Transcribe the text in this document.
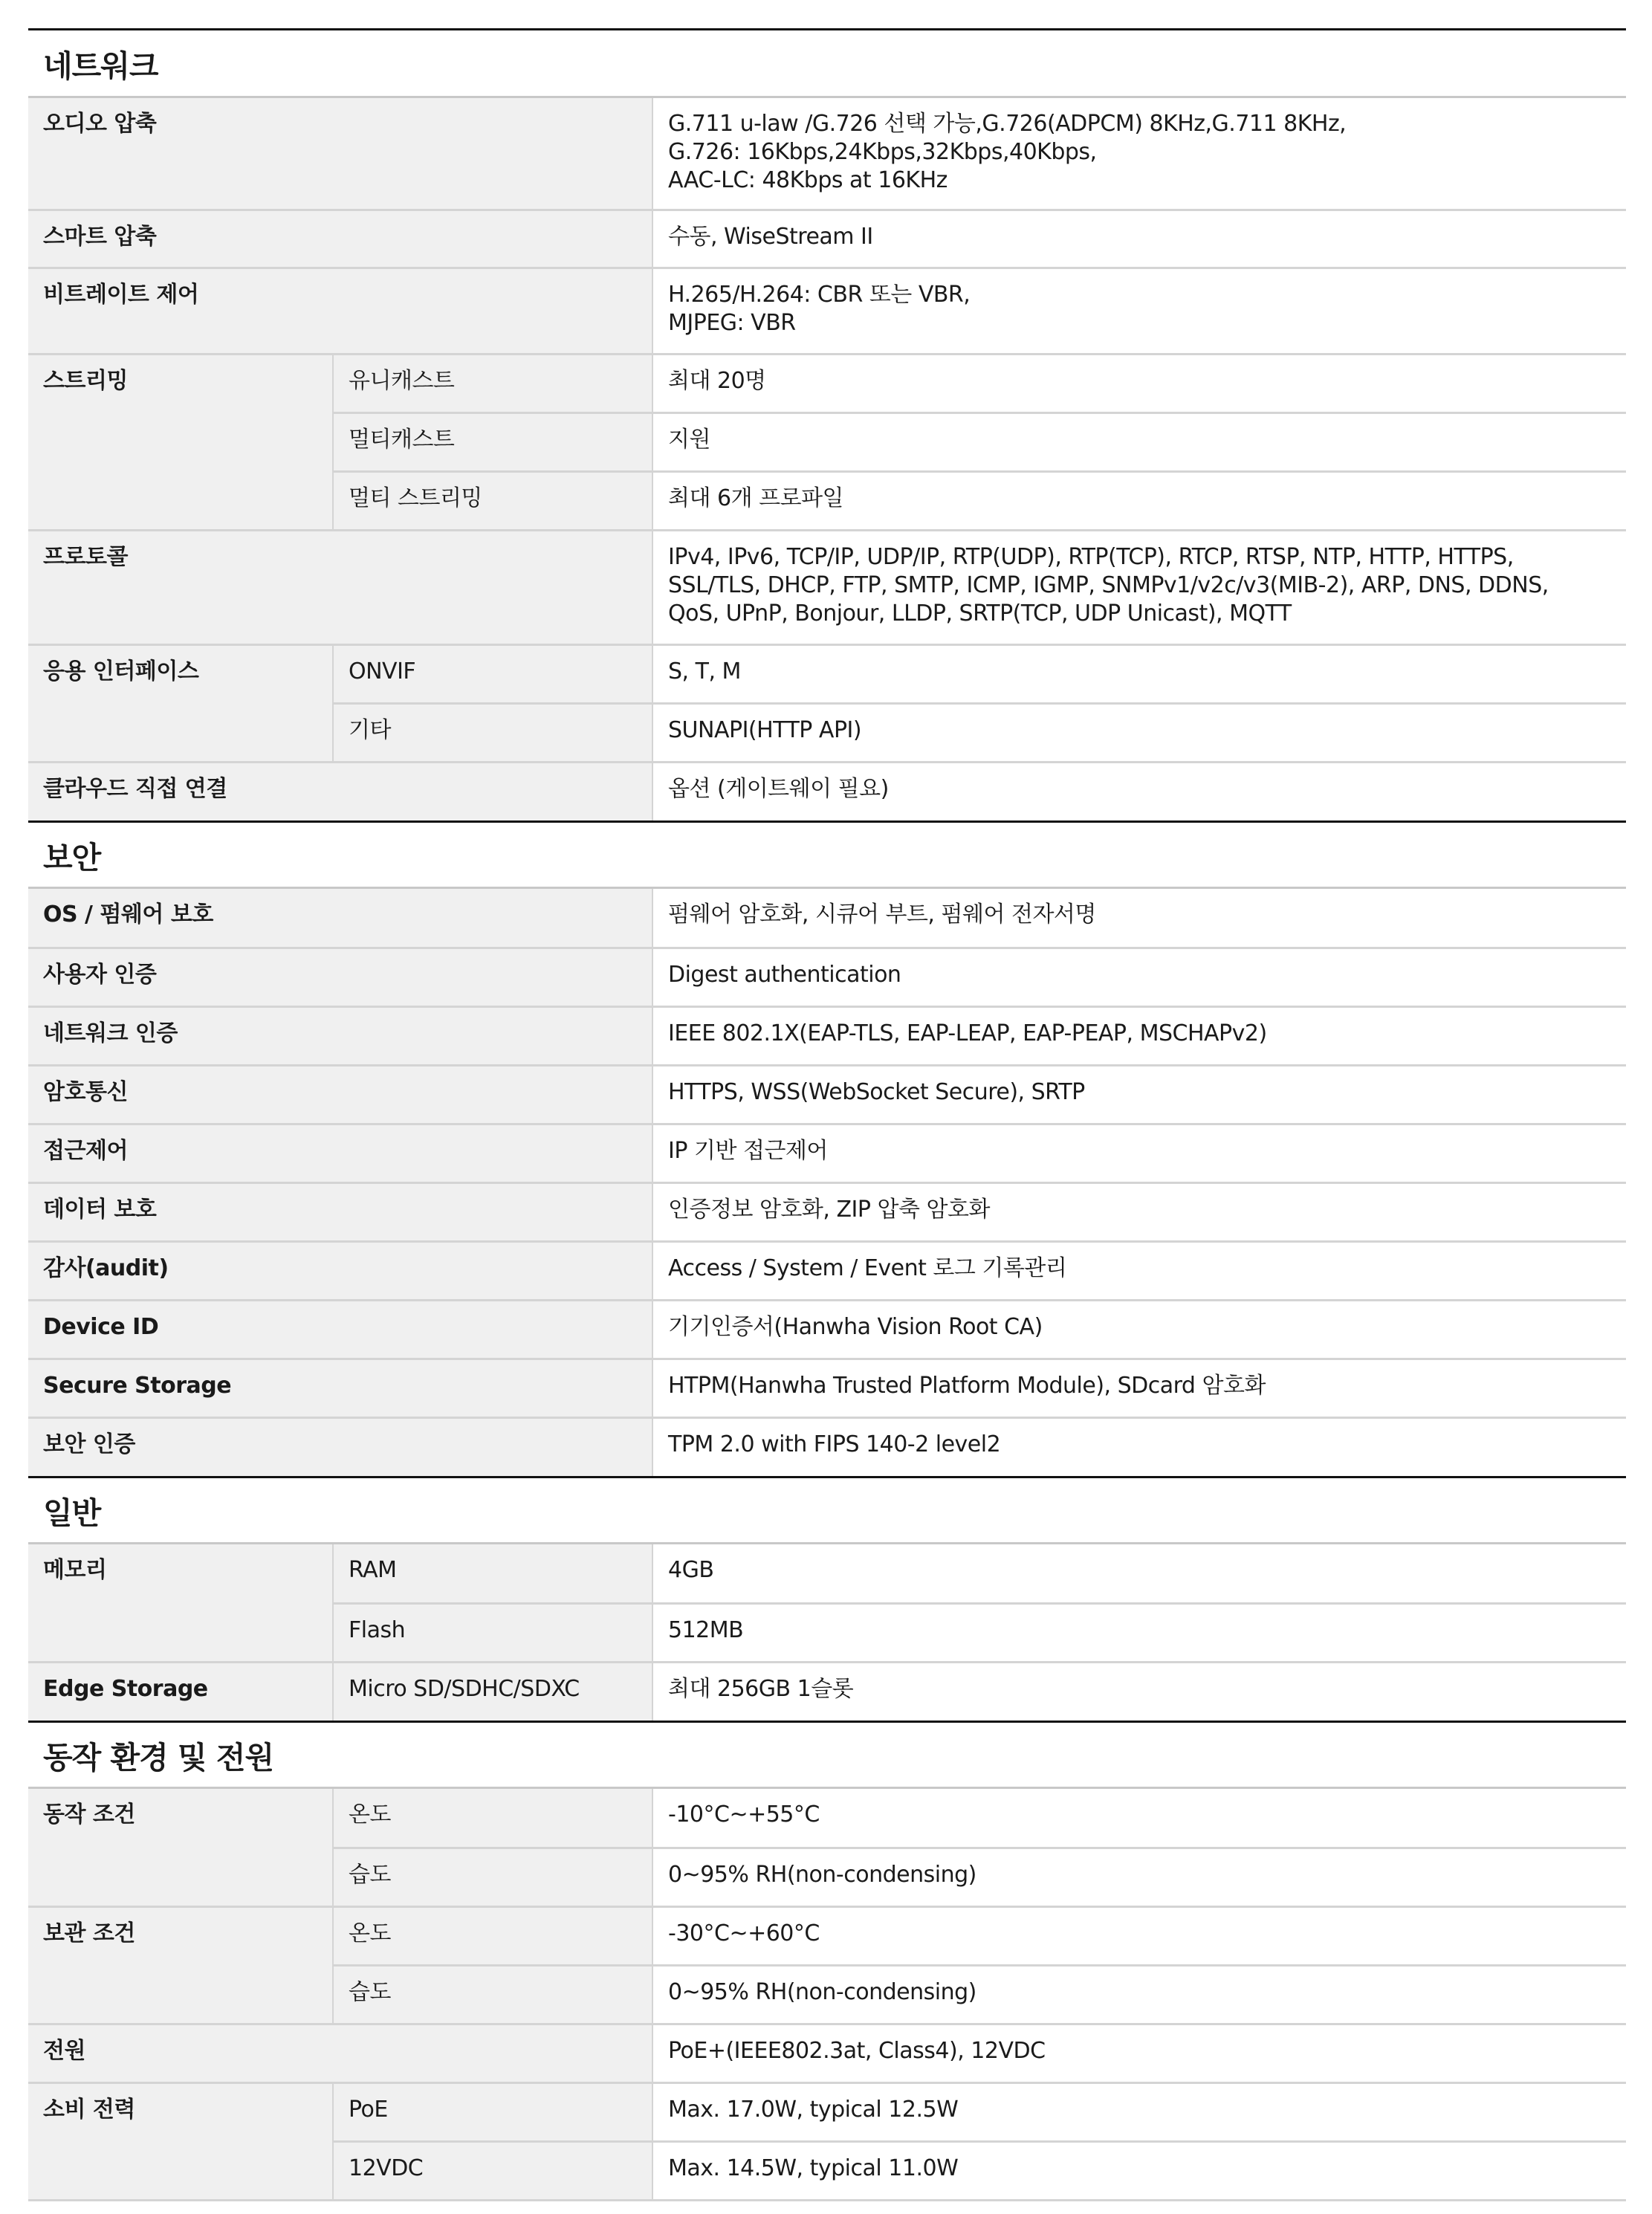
네트워크
오디오 압축		G.711 u-law /G.726 선택 가능,G.726(ADPCM) 8KHz,G.711 8KHz,
G.726: 16Kbps,24Kbps,32Kbps,40Kbps,
AAC-LC: 48Kbps at 16KHz
스마트 압축		수동, WiseStream II
비트레이트 제어		H.265/H.264: CBR 또는 VBR,
MJPEG: VBR
스트리밍	유니캐스트	최대 20명
	멀티캐스트	지원
	멀티 스트리밍	최대 6개 프로파일
프로토콜		IPv4, IPv6, TCP/IP, UDP/IP, RTP(UDP), RTP(TCP), RTCP, RTSP, NTP, HTTP, HTTPS,
SSL/TLS, DHCP, FTP, SMTP, ICMP, IGMP, SNMPv1/v2c/v3(MIB-2), ARP, DNS, DDNS,
QoS, UPnP, Bonjour, LLDP, SRTP(TCP, UDP Unicast), MQTT
응용 인터페이스	ONVIF	S, T, M
	기타	SUNAPI(HTTP API)
클라우드 직접 연결		옵션 (게이트웨이 필요)
보안
OS / 펌웨어 보호	펌웨어 암호화, 시큐어 부트, 펌웨어 전자서명
사용자 인증	Digest authentication
네트워크 인증	IEEE 802.1X(EAP-TLS, EAP-LEAP, EAP-PEAP, MSCHAPv2)
암호통신	HTTPS, WSS(WebSocket Secure), SRTP
접근제어	IP 기반 접근제어
데이터 보호	인증정보 암호화, ZIP 압축 암호화
감사(audit)	Access / System / Event 로그 기록관리
Device ID	기기인증서(Hanwha Vision Root CA)
Secure Storage	HTPM(Hanwha Trusted Platform Module), SDcard 암호화
보안 인증	TPM 2.0 with FIPS 140-2 level2
일반
메모리	RAM	4GB
	Flash	512MB
Edge Storage	Micro SD/SDHC/SDXC	최대 256GB 1슬롯
동작 환경 및 전원
동작 조건	온도	-10°C~+55°C
	습도	0~95% RH(non-condensing)
보관 조건	온도	-30°C~+60°C
	습도	0~95% RH(non-condensing)
전원		PoE+(IEEE802.3at, Class4), 12VDC
소비 전력	PoE	Max. 17.0W, typical 12.5W
	12VDC	Max. 14.5W, typical 11.0W
